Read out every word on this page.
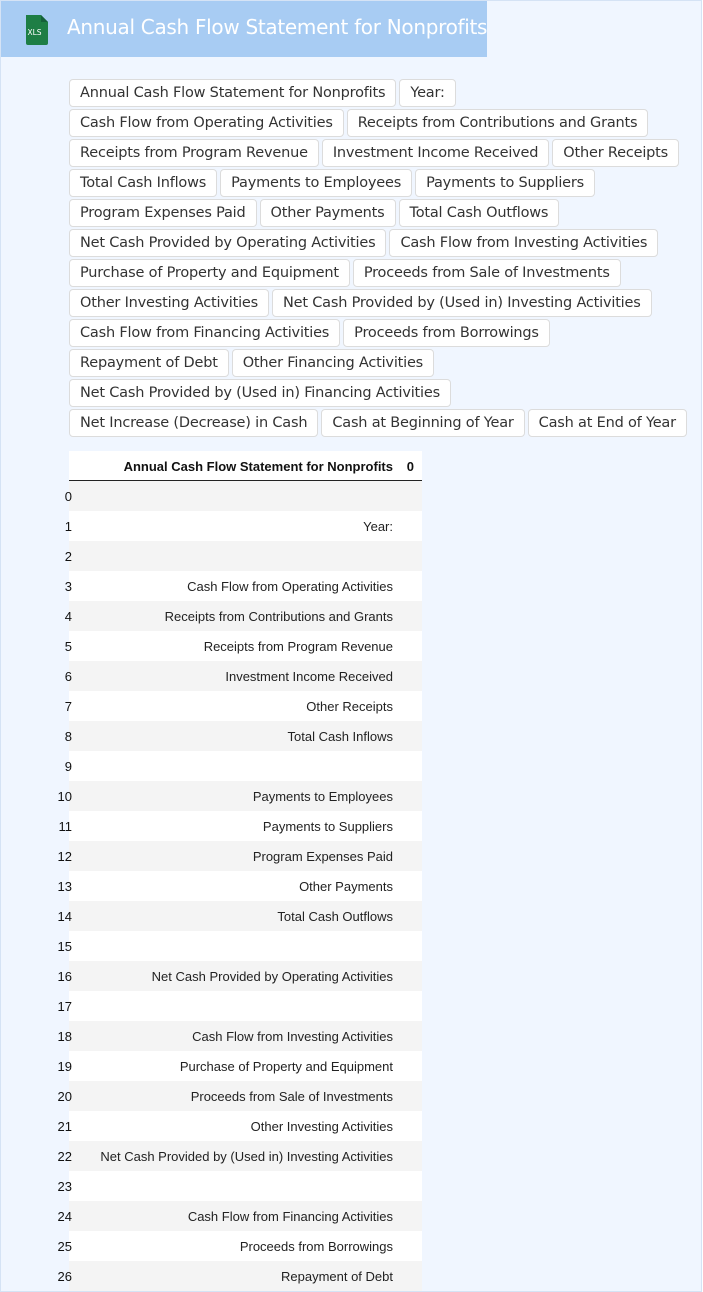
XLS Annual Cash Flow Statement for Nonprofits
Annual Cash Flow Statement for Nonprofits	Year:
Cash Flow from Operating Activities	Receipts from Contributions and Grants
Receipts from Program Revenue	Investment Income Received	Other Receipts
Total Cash Inflows	Payments to Employees	Payments to Suppliers
Program Expenses Paid	Other Payments	Total Cash Outflows
Net Cash Provided by Operating Activities	Cash Flow from Investing Activities
Purchase of Property and Equipment	Proceeds from Sale of Investments
Other Investing Activities	Net Cash Provided by (Used in) Investing Activities
Cash Flow from Financing Activities	Proceeds from Borrowings
Repayment of Debt	Other Financing Activities
Net Cash Provided by (Used in) Financing Activities
Net Increase (Decrease) in Cash	Cash at Beginning of Year	Cash at End of Year
Annual Cash Flow Statement for Nonprofits 0
0
1	Year:
2
3	Cash Flow from Operating Activities
4	Receipts from Contributions and Grants
5	Receipts from Program Revenue
6	Investment Income Received
7	Other Receipts
8	Total Cash Inflows
9
10	Payments to Employees
11	Payments to Suppliers
12	Program Expenses Paid
13	Other Payments
14	Total Cash Outflows
15
16	Net Cash Provided by Operating Activities
17
18	Cash Flow from Investing Activities
19	Purchase of Property and Equipment
20	Proceeds from Sale of Investments
21	Other Investing Activities
22 Net Cash Provided by (Used in) Investing Activities
23
24	Cash Flow from Financing Activities
25	Proceeds from Borrowings
26	Repayment of Debt
